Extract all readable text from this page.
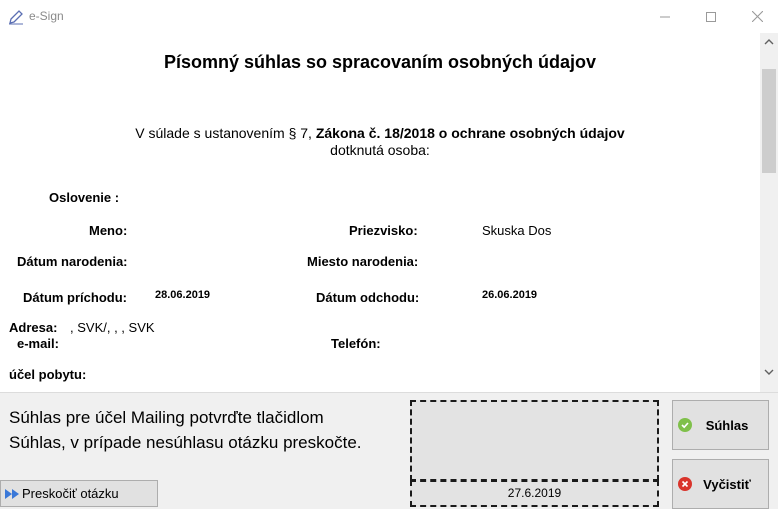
e-Sign
Písomný súhlas so spracovaním osobných údajov
V súlade s ustanovením § 7, Zákona č. 18/2018 o ochrane osobných údajov
dotknutá osoba:
Oslovenie :
Meno:	Priezvisko:	Skuska Dos
Dátum narodenia:	Miesto narodenia:
Dátum príchodu:	28.06.2019	Dátum odchodu:	26.06.2019
Adresa: , SVK/, , , SVK
e-mail:	Telefón:
účel pobytu:
Súhlas pre účel Mailing potvrďte tlačidlom
Súhlas, v prípade nesúhlasu otázku preskočte.
Preskočiť otázku	27.6.2019
Súhlas
Vyčistiť
